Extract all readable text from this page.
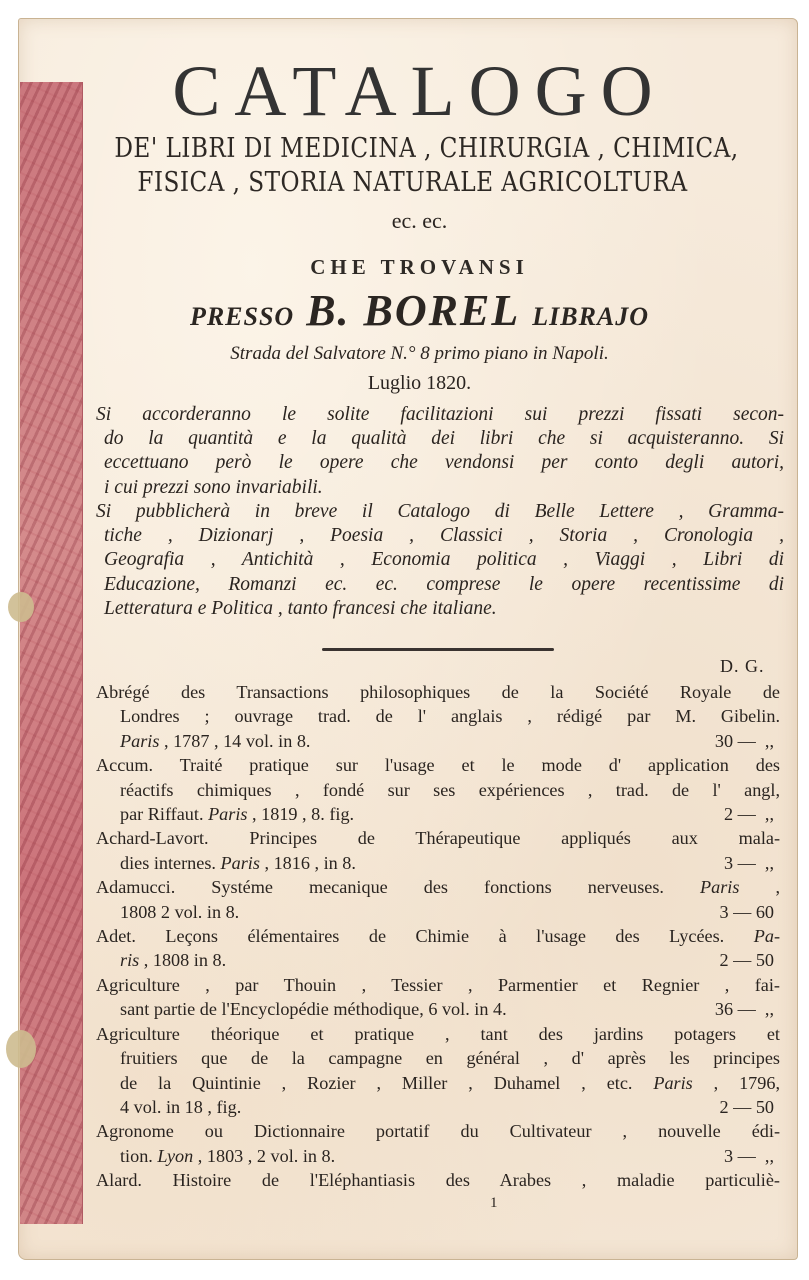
CATALOGO
DE' LIBRI DI MEDICINA , CHIRURGIA , CHIMICA,
FISICA , STORIA NATURALE AGRICOLTURA
ec. ec.
CHE TROVANSI
PRESSO B. BOREL LIBRAJO
Strada del Salvatore N.° 8 primo piano in Napoli.
Luglio 1820.
Si accorderanno le solite facilitazioni sui prezzi fissati secon-
do la quantità e la qualità dei libri che si acquisteranno. Si
eccettuano però le opere che vendonsi per conto degli autori,
i cui prezzi sono invariabili.
Si pubblicherà in breve il Catalogo di Belle Lettere , Gramma-
tiche , Dizionarj , Poesia , Classici , Storia , Cronologia ,
Geografia , Antichità , Economia politica , Viaggi , Libri di
Educazione, Romanzi ec. ec. comprese le opere recentissime di
Letteratura e Politica , tanto francesi che italiane.
D. G.
Abrégé des Transactions philosophiques de la Société Royale de
Londres ; ouvrage trad. de l' anglais , rédigé par M. Gibelin.
Paris , 1787 , 14 vol. in 8.	30 —  ,,
Accum. Traité pratique sur l'usage et le mode d' application des
réactifs chimiques , fondé sur ses expériences , trad. de l' angl,
par Riffaut. Paris , 1819 , 8. fig.	2 —  ,,
Achard-Lavort. Principes de Thérapeutique appliqués aux mala-
dies internes. Paris , 1816 , in 8.	3 —  ,,
Adamucci. Systéme mecanique des fonctions nerveuses. Paris ,
1808 2 vol. in 8.	3 — 60
Adet. Leçons élémentaires de Chimie à l'usage des Lycées. Pa-
ris , 1808 in 8.	2 — 50
Agriculture , par Thouin , Tessier , Parmentier et Regnier , fai-
sant partie de l'Encyclopédie méthodique, 6 vol. in 4.	36 —  ,,
Agriculture théorique et pratique , tant des jardins potagers et
fruitiers que de la campagne en général , d' après les principes
de la Quintinie , Rozier , Miller , Duhamel , etc. Paris , 1796,
4 vol. in 18 , fig.	2 — 50
Agronome ou Dictionnaire portatif du Cultivateur , nouvelle édi-
tion. Lyon , 1803 , 2 vol. in 8.	3 —  ,,
Alard. Histoire de l'Eléphantiasis des Arabes , maladie particuliè-
1
